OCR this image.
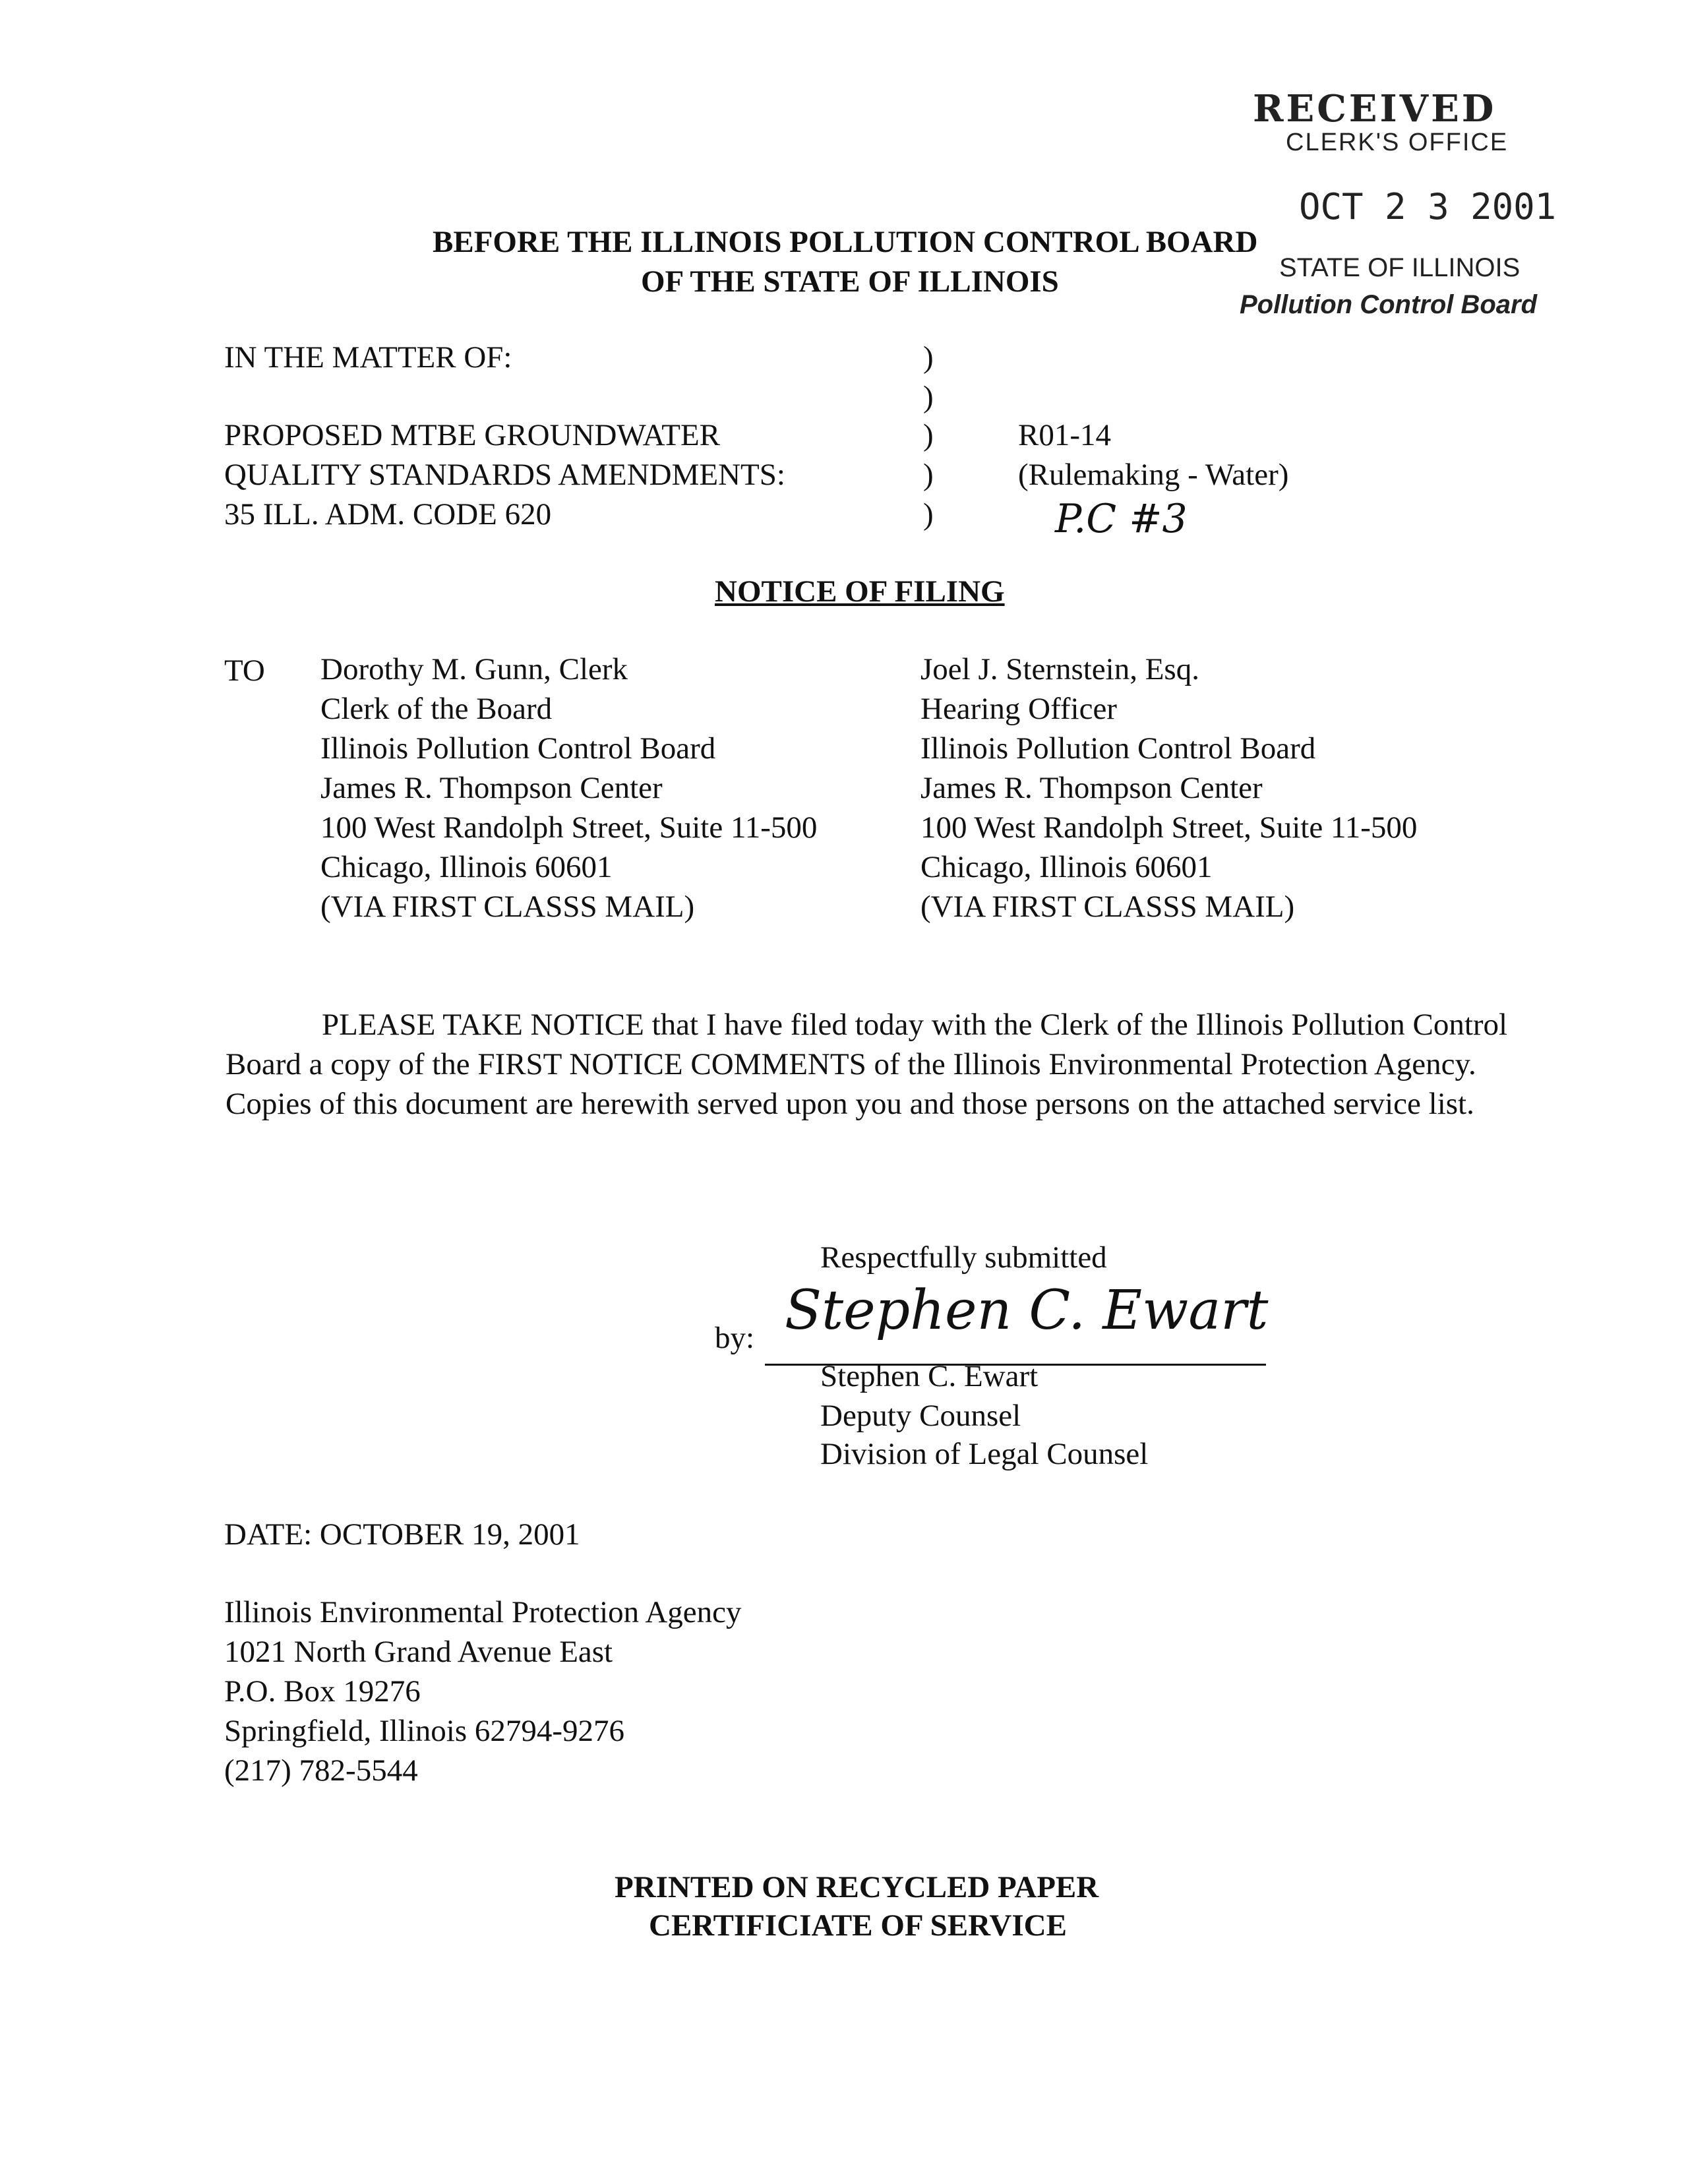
RECEIVED
CLERK'S OFFICE
OCT 2 3 2001
STATE OF ILLINOIS
Pollution Control Board
BEFORE THE ILLINOIS POLLUTION CONTROL BOARD
OF THE STATE OF ILLINOIS
IN THE MATTER OF:
PROPOSED MTBE GROUNDWATER
QUALITY STANDARDS AMENDMENTS:
35 ILL. ADM. CODE 620
)
)
)
)
)
R01-14
(Rulemaking - Water)
P.C #3
NOTICE OF FILING
TO Dorothy M. Gunn, Clerk
Clerk of the Board
Illinois Pollution Control Board
James R. Thompson Center
100 West Randolph Street, Suite 11-500
Chicago, Illinois 60601
(VIA FIRST CLASSS MAIL)
Joel J. Sternstein, Esq.
Hearing Officer
Illinois Pollution Control Board
James R. Thompson Center
100 West Randolph Street, Suite 11-500
Chicago, Illinois 60601
(VIA FIRST CLASSS MAIL)
PLEASE TAKE NOTICE that I have filed today with the Clerk of the Illinois Pollution Control Board a copy of the FIRST NOTICE COMMENTS of the Illinois Environmental Protection Agency. Copies of this document are herewith served upon you and those persons on the attached service list.
Respectfully submitted
by: Stephen C. Ewart
Stephen C. Ewart
Deputy Counsel
Division of Legal Counsel
DATE: OCTOBER 19, 2001
Illinois Environmental Protection Agency
1021 North Grand Avenue East
P.O. Box 19276
Springfield, Illinois 62794-9276
(217) 782-5544
PRINTED ON RECYCLED PAPER
CERTIFICIATE OF SERVICE
